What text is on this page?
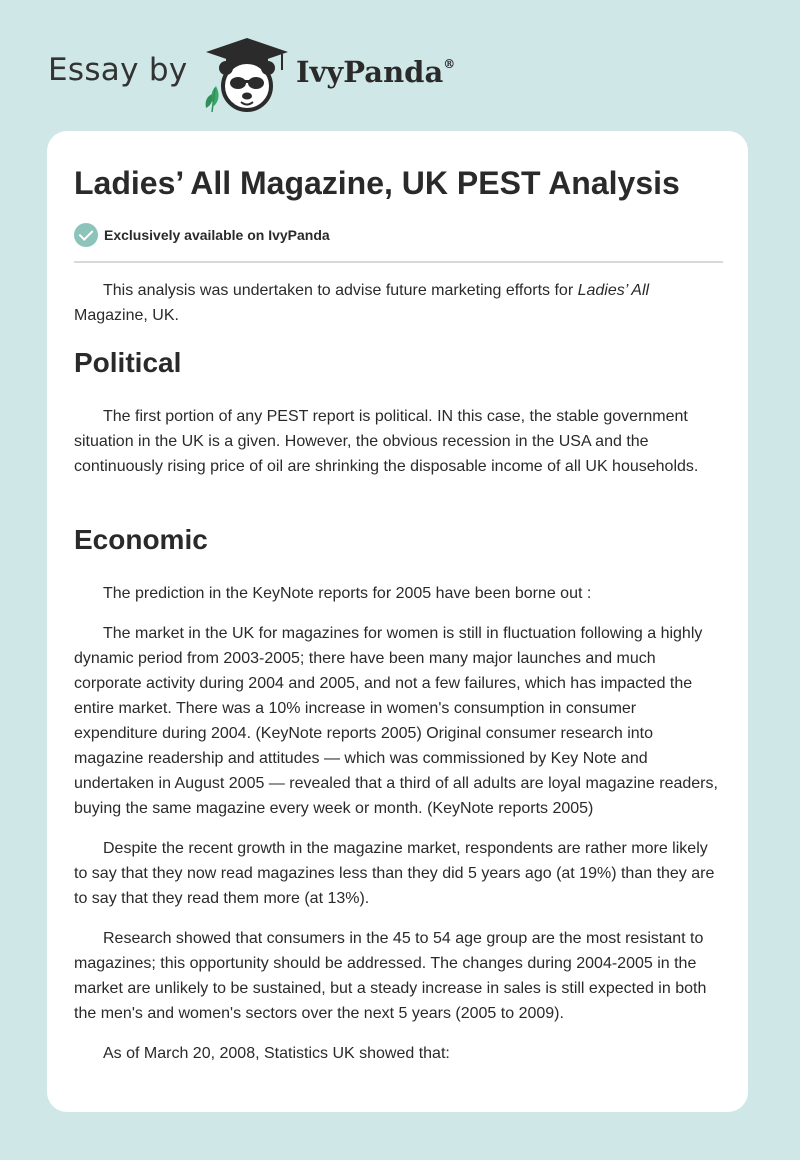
Essay by	IvyPanda®
Ladies’ All Magazine, UK PEST Analysis
Exclusively available on IvyPanda

This analysis was undertaken to advise future marketing efforts for Ladies’ All Magazine, UK.

Political

The first portion of any PEST report is political. IN this case, the stable government situation in the UK is a given. However, the obvious recession in the USA and the continuously rising price of oil are shrinking the disposable income of all UK households.

Economic

The prediction in the KeyNote reports for 2005 have been borne out :

The market in the UK for magazines for women is still in fluctuation following a highly dynamic period from 2003-2005; there have been many major launches and much corporate activity during 2004 and 2005, and not a few failures, which has impacted the entire market. There was a 10% increase in women's consumption in consumer expenditure during 2004. (KeyNote reports 2005) Original consumer research into magazine readership and attitudes — which was commissioned by Key Note and undertaken in August 2005 — revealed that a third of all adults are loyal magazine readers, buying the same magazine every week or month. (KeyNote reports 2005)

Despite the recent growth in the magazine market, respondents are rather more likely to say that they now read magazines less than they did 5 years ago (at 19%) than they are to say that they read them more (at 13%).

Research showed that consumers in the 45 to 54 age group are the most resistant to magazines; this opportunity should be addressed. The changes during 2004-2005 in the market are unlikely to be sustained, but a steady increase in sales is still expected in both the men's and women's sectors over the next 5 years (2005 to 2009).

As of March 20, 2008, Statistics UK showed that:
